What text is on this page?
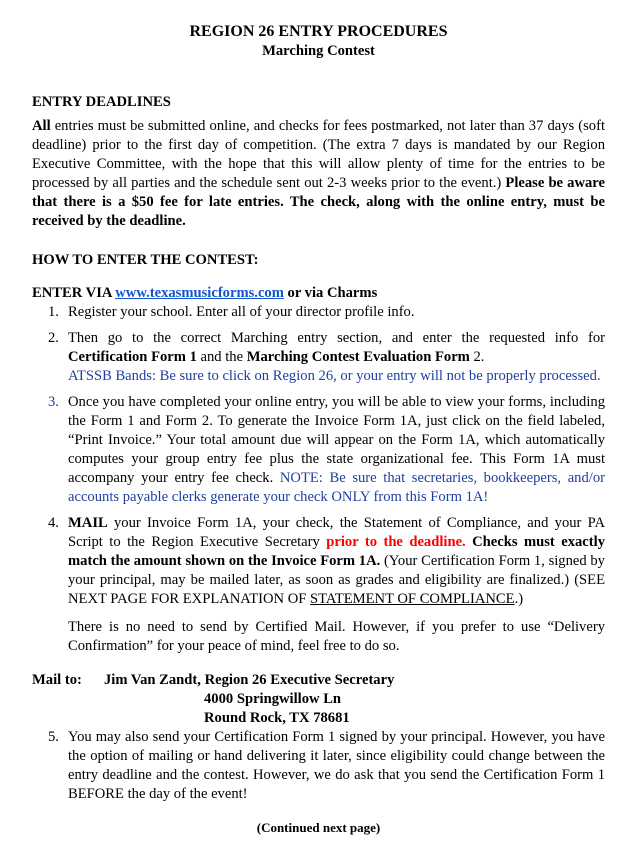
REGION 26 ENTRY PROCEDURES

Marching Contest

ENTRY DEADLINES

All entries must be submitted online, and checks for fees postmarked, not later than 37 days (soft deadline) prior to the first day of competition. (The extra 7 days is mandated by our Region Executive Committee, with the hope that this will allow plenty of time for the entries to be processed by all parties and the schedule sent out 2-3 weeks prior to the event.) Please be aware that there is a $50 fee for late entries. The check, along with the online entry, must be received by the deadline.

HOW TO ENTER THE CONTEST:

ENTER VIA www.texasmusicforms.com or via Charms

1. Register your school. Enter all of your director profile info.
2. Then go to the correct Marching entry section, and enter the requested info for Certification Form 1 and the Marching Contest Evaluation Form 2.
ATSSB Bands: Be sure to click on Region 26, or your entry will not be properly processed.
3. Once you have completed your online entry, you will be able to view your forms, including the Form 1 and Form 2. To generate the Invoice Form 1A, just click on the field labeled, “Print Invoice.” Your total amount due will appear on the Form 1A, which automatically computes your group entry fee plus the state organizational fee. This Form 1A must accompany your entry fee check. NOTE: Be sure that secretaries, bookkeepers, and/or accounts payable clerks generate your check ONLY from this Form 1A!
4. MAIL your Invoice Form 1A, your check, the Statement of Compliance, and your PA Script to the Region Executive Secretary prior to the deadline. Checks must exactly match the amount shown on the Invoice Form 1A. (Your Certification Form 1, signed by your principal, may be mailed later, as soon as grades and eligibility are finalized.) (SEE NEXT PAGE FOR EXPLANATION OF STATEMENT OF COMPLIANCE.)

There is no need to send by Certified Mail. However, if you prefer to use “Delivery Confirmation” for your peace of mind, feel free to do so.

Mail to:	Jim Van Zandt, Region 26 Executive Secretary
4000 Springwillow Ln
Round Rock, TX 78681
5. You may also send your Certification Form 1 signed by your principal. However, you have the option of mailing or hand delivering it later, since eligibility could change between the entry deadline and the contest. However, we do ask that you send the Certification Form 1 BEFORE the day of the event!

(Continued next page)
